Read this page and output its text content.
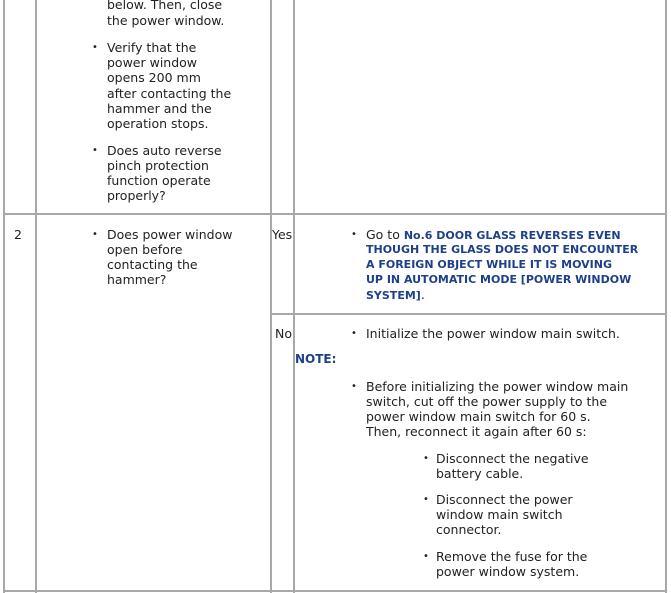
below. Then, close
the power window.
• Verify that the
power window
opens 200 mm
after contacting the
hammer and the
operation stops.
• Does auto reverse
pinch protection
function operate
properly?
2	• Does power window
open before
contacting the
hammer?
Yes	• Go to No.6 DOOR GLASS REVERSES EVEN
THOUGH THE GLASS DOES NOT ENCOUNTER
A FOREIGN OBJECT WHILE IT IS MOVING
UP IN AUTOMATIC MODE [POWER WINDOW
SYSTEM].
No	• Initialize the power window main switch.
NOTE:
• Before initializing the power window main
switch, cut off the power supply to the
power window main switch for 60 s.
Then, reconnect it again after 60 s:
• Disconnect the negative
battery cable.
• Disconnect the power
window main switch
connector.
• Remove the fuse for the
power window system.
